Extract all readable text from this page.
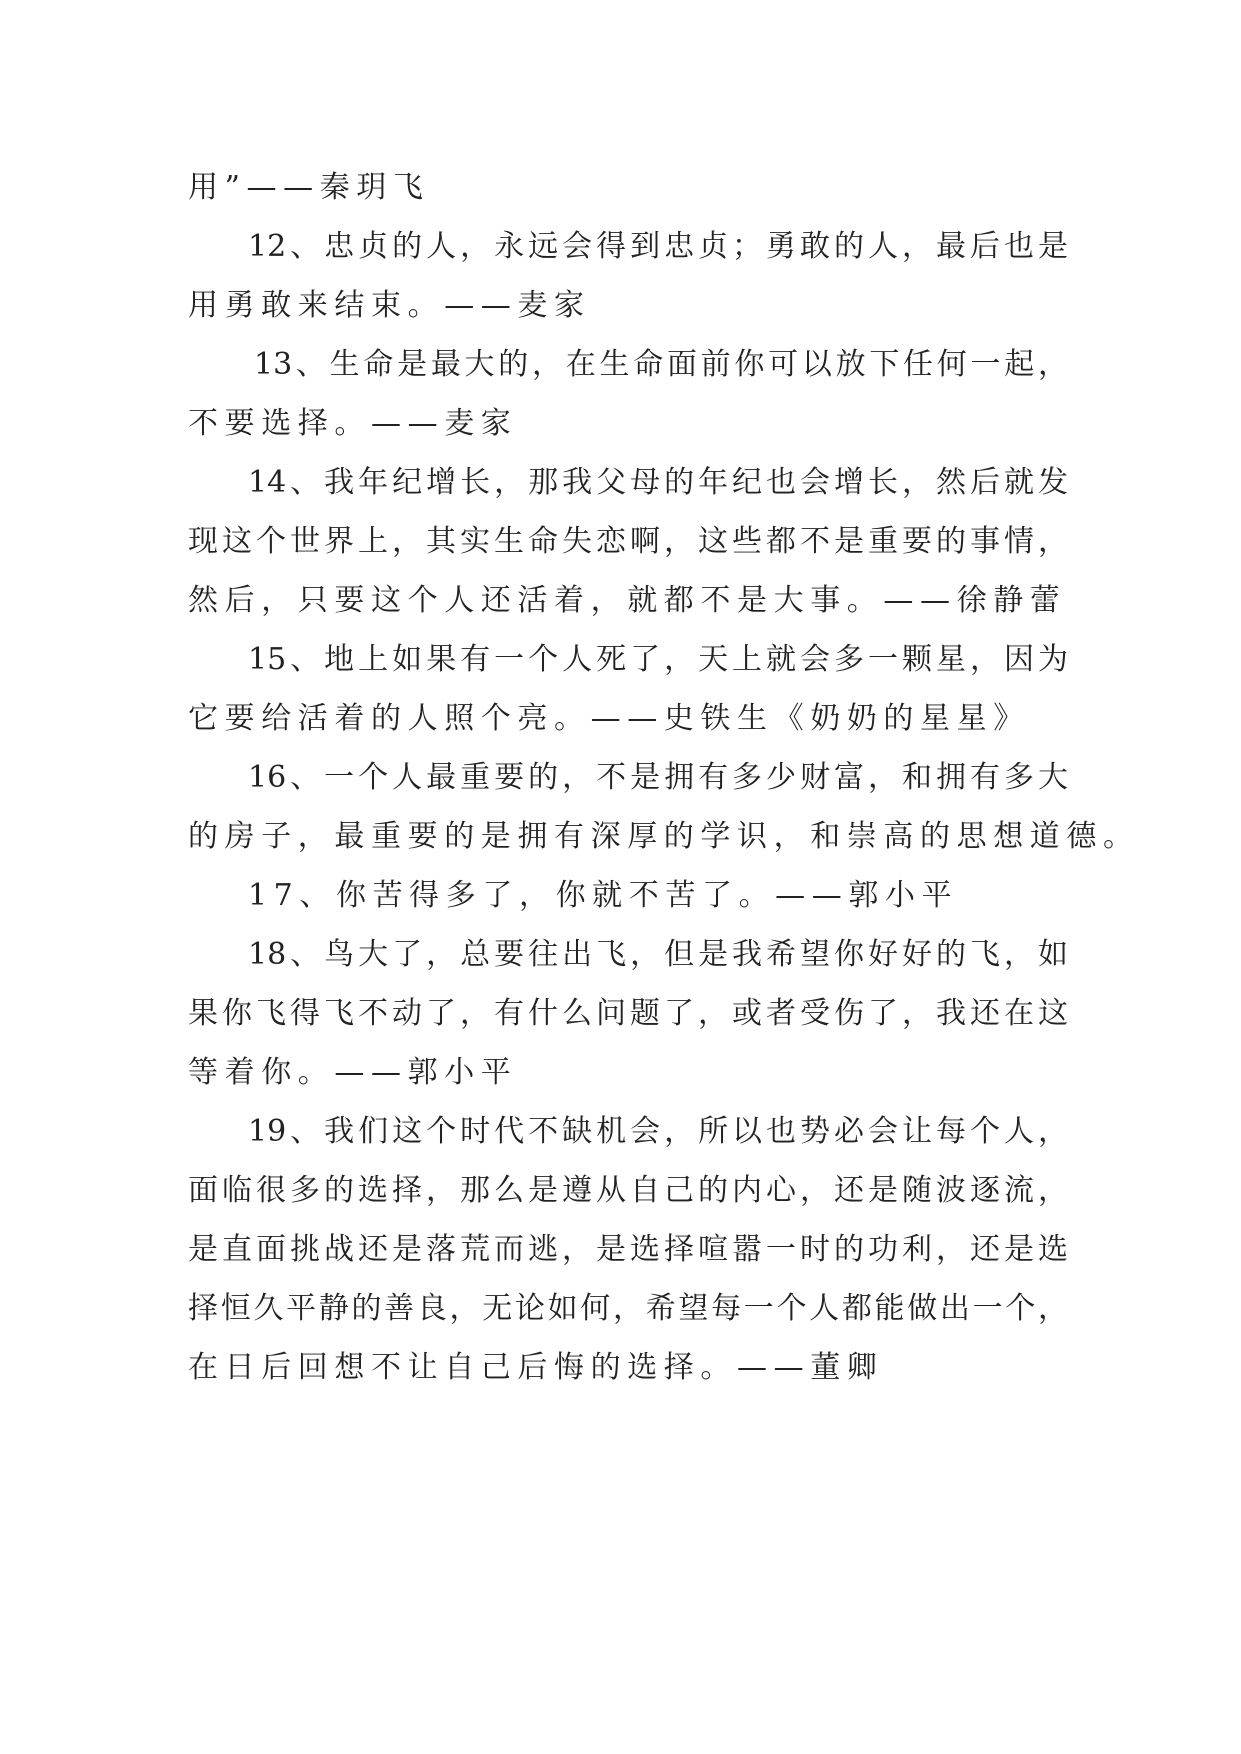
用”——秦玥飞
12、忠贞的人，永远会得到忠贞；勇敢的人，最后也是
用勇敢来结束。——麦家
13、生命是最大的，在生命面前你可以放下任何一起，
不要选择。——麦家
14、我年纪增长，那我父母的年纪也会增长，然后就发
现这个世界上，其实生命失恋啊，这些都不是重要的事情，
然后，只要这个人还活着，就都不是大事。——徐静蕾
15、地上如果有一个人死了，天上就会多一颗星，因为
它要给活着的人照个亮。——史铁生《奶奶的星星》
16、一个人最重要的，不是拥有多少财富，和拥有多大
的房子，最重要的是拥有深厚的学识，和崇高的思想道德。
17、你苦得多了，你就不苦了。——郭小平
18、鸟大了，总要往出飞，但是我希望你好好的飞，如
果你飞得飞不动了，有什么问题了，或者受伤了，我还在这
等着你。——郭小平
19、我们这个时代不缺机会，所以也势必会让每个人，
面临很多的选择，那么是遵从自己的内心，还是随波逐流，
是直面挑战还是落荒而逃，是选择喧嚣一时的功利，还是选
择恒久平静的善良，无论如何，希望每一个人都能做出一个，
在日后回想不让自己后悔的选择。——董卿
